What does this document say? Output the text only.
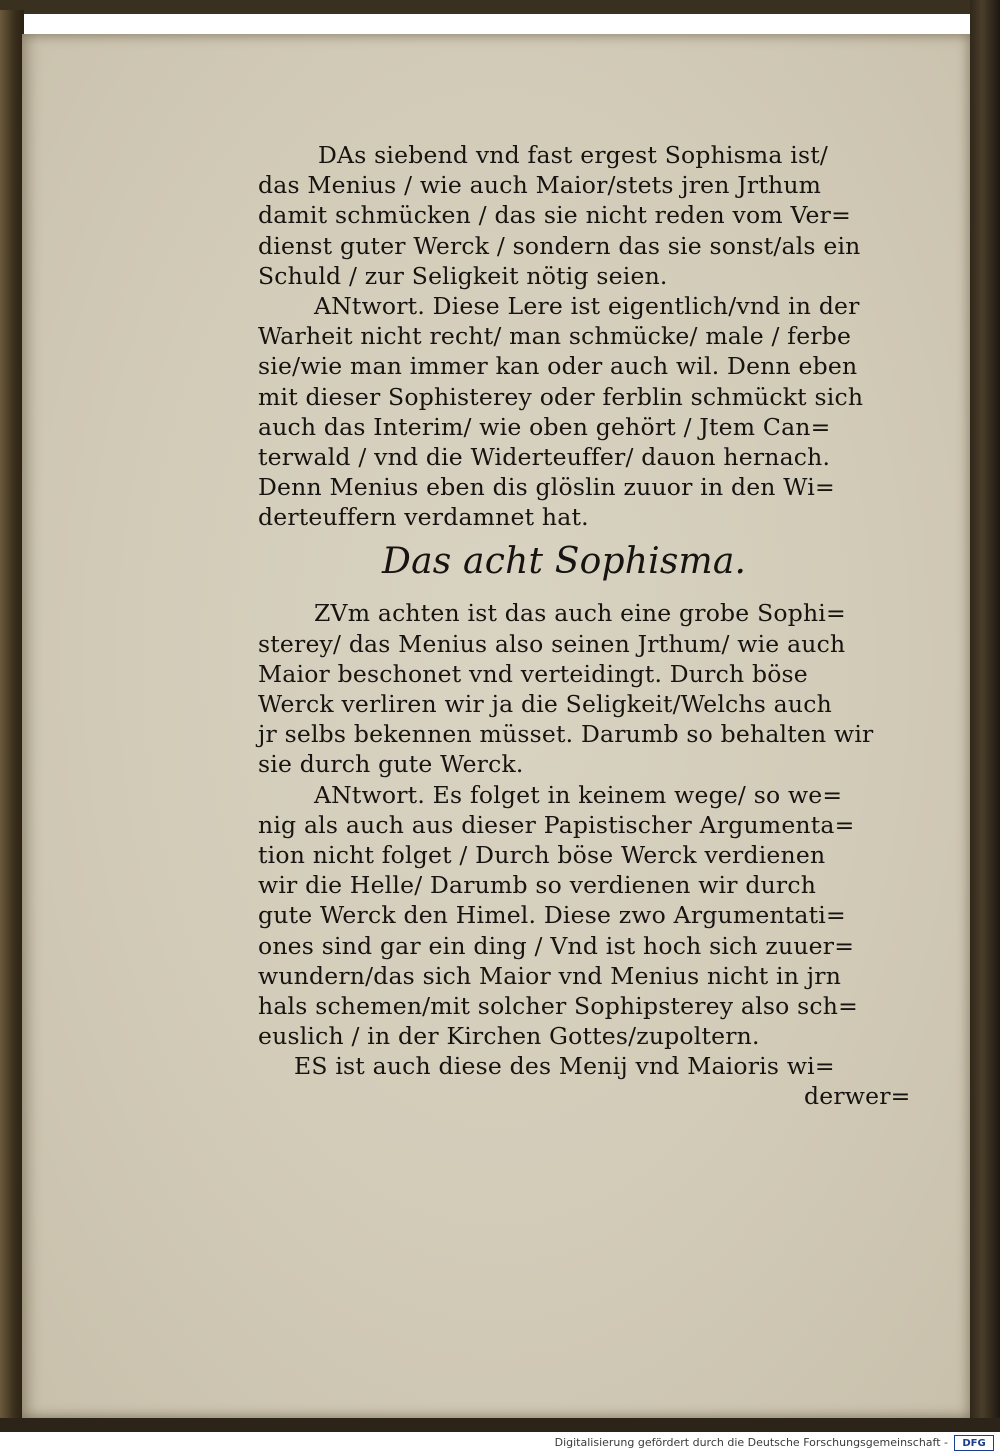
DAs siebend vnd fast ergest Sophisma ist/
das Menius / wie auch Maior/stets jren Jrthum
damit schmücken / das sie nicht reden vom Ver=
dienst guter Werck / sondern das sie sonst/als ein
Schuld / zur Seligkeit nötig seien.
ANtwort. Diese Lere ist eigentlich/vnd in der
Warheit nicht recht/ man schmücke/ male / ferbe
sie/wie man immer kan oder auch wil. Denn eben
mit dieser Sophisterey oder ferblin schmückt sich
auch das Interim/ wie oben gehört / Jtem Can=
terwald / vnd die Widerteuffer/ dauon hernach.
Denn Menius eben dis glöslin zuuor in den Wi=
derteuffern verdamnet hat.
Das acht Sophisma.
ZVm achten ist das auch eine grobe Sophi=
sterey/ das Menius also seinen Jrthum/ wie auch
Maior beschonet vnd verteidingt. Durch böse
Werck verliren wir ja die Seligkeit/Welchs auch
jr selbs bekennen müsset. Darumb so behalten wir
sie durch gute Werck.
ANtwort. Es folget in keinem wege/ so we=
nig als auch aus dieser Papistischer Argumenta=
tion nicht folget / Durch böse Werck verdienen
wir die Helle/ Darumb so verdienen wir durch
gute Werck den Himel. Diese zwo Argumentati=
ones sind gar ein ding / Vnd ist hoch sich zuuer=
wundern/das sich Maior vnd Menius nicht in jrn
hals schemen/mit solcher Sophipsterey also sch=
euslich / in der Kirchen Gottes/zupoltern.
ES ist auch diese des Menij vnd Maioris wi=
derwer=
Digitalisierung gefördert durch die Deutsche Forschungsgemeinschaft -	DFG
